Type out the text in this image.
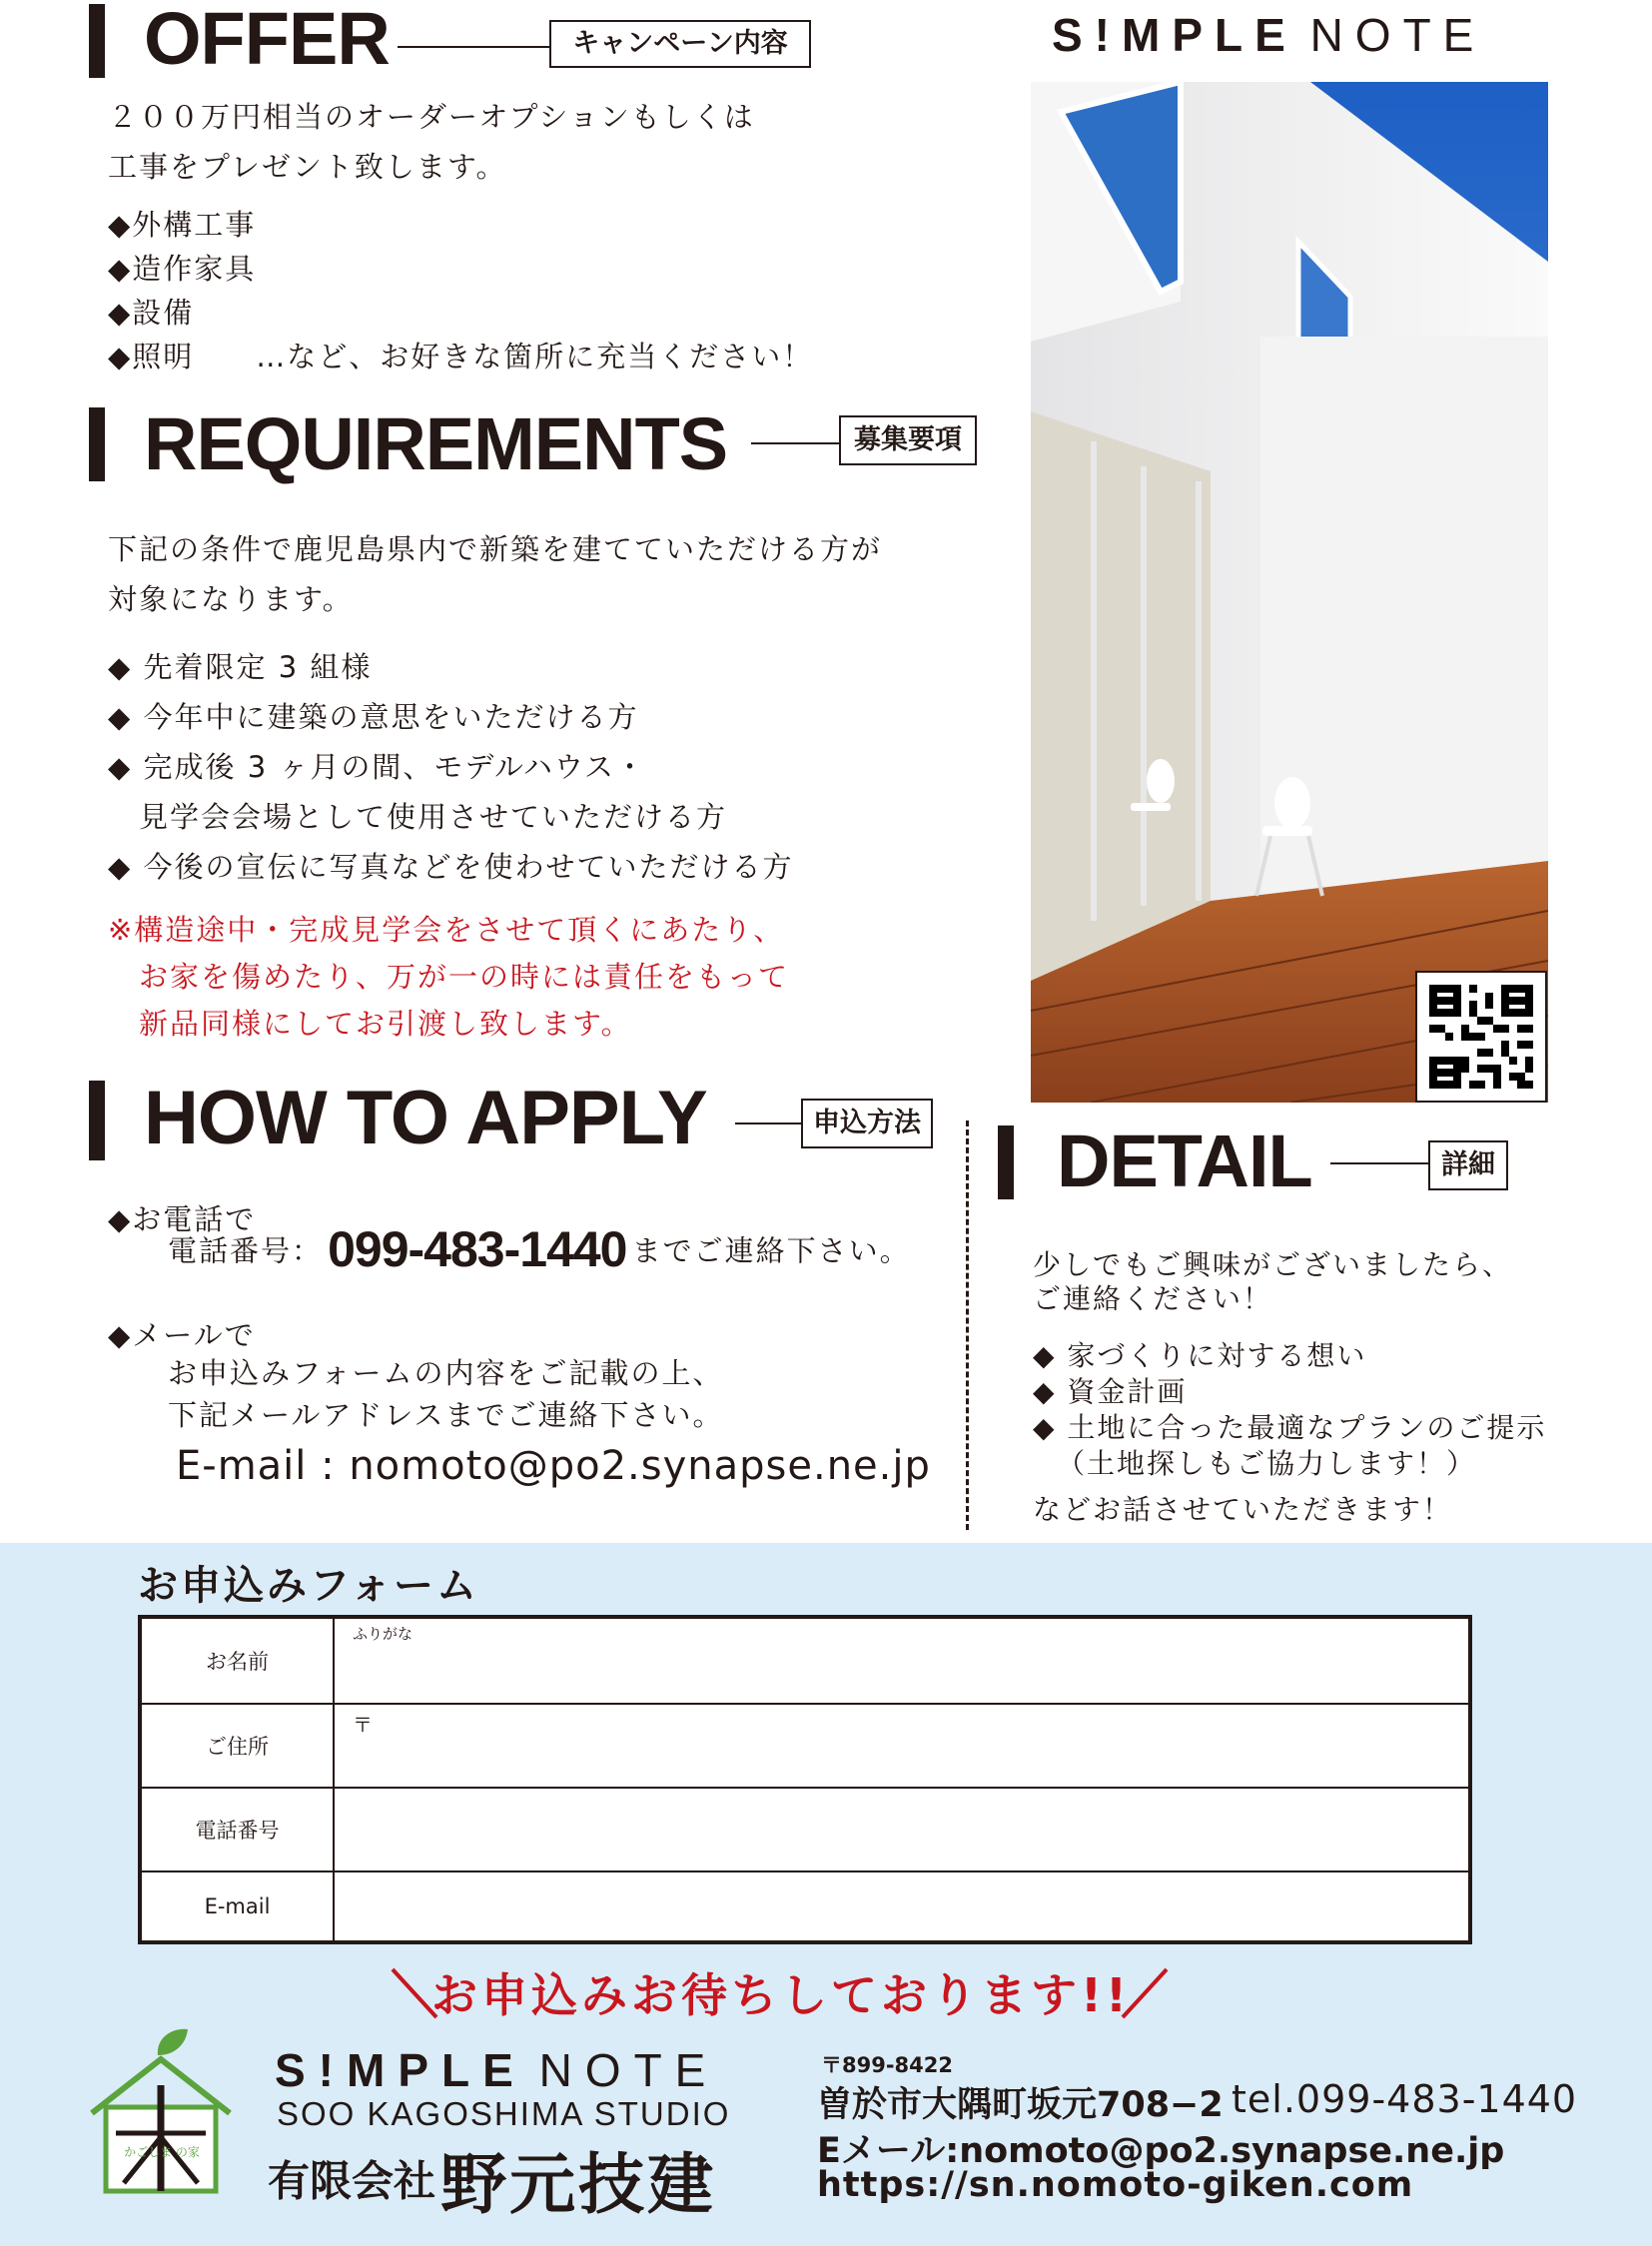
OFFER	キャンペーン内容
２００万円相当のオーダーオプションもしくは
工事をプレゼント致します。
◆外構工事
◆造作家具
◆設備
◆照明　　…など、お好きな箇所に充当ください！
REQUIREMENTS	募集要項
下記の条件で鹿児島県内で新築を建てていただける方が
対象になります。
◆ 先着限定 3 組様
◆ 今年中に建築の意思をいただける方
◆ 完成後 3 ヶ月の間、モデルハウス・
　見学会会場として使用させていただける方
◆ 今後の宣伝に写真などを使わせていただける方
※構造途中・完成見学会をさせて頂くにあたり、
　お家を傷めたり、万が一の時には責任をもって
　新品同様にしてお引渡し致します。
HOW TO APPLY	申込方法
◆お電話で
電話番号： 099-483-1440 までご連絡下さい。
◆メールで
お申込みフォームの内容をご記載の上、
下記メールアドレスまでご連絡下さい。
E-mail : nomoto@po2.synapse.ne.jp
S!MPLE NOTE
DETAIL	詳細
少しでもご興味がございましたら、
ご連絡ください！
◆ 家づくりに対する想い
◆ 資金計画
◆ 土地に合った最適なプランのご提示
（土地探しもご協力します！）
などお話させていただきます！
お申込みフォーム
お名前	ふりがな

ご住所	〒

電話番号	
E-mail	
お申込みお待ちしております!!
かごしま の家
S!MPLE NOTE
SOO KAGOSHIMA STUDIO
有限会社 野元技建
〒899-8422
曽於市大隅町坂元708−2 tel.099-483-1440
Eメール:nomoto@po2.synapse.ne.jp
https://sn.nomoto-giken.com
